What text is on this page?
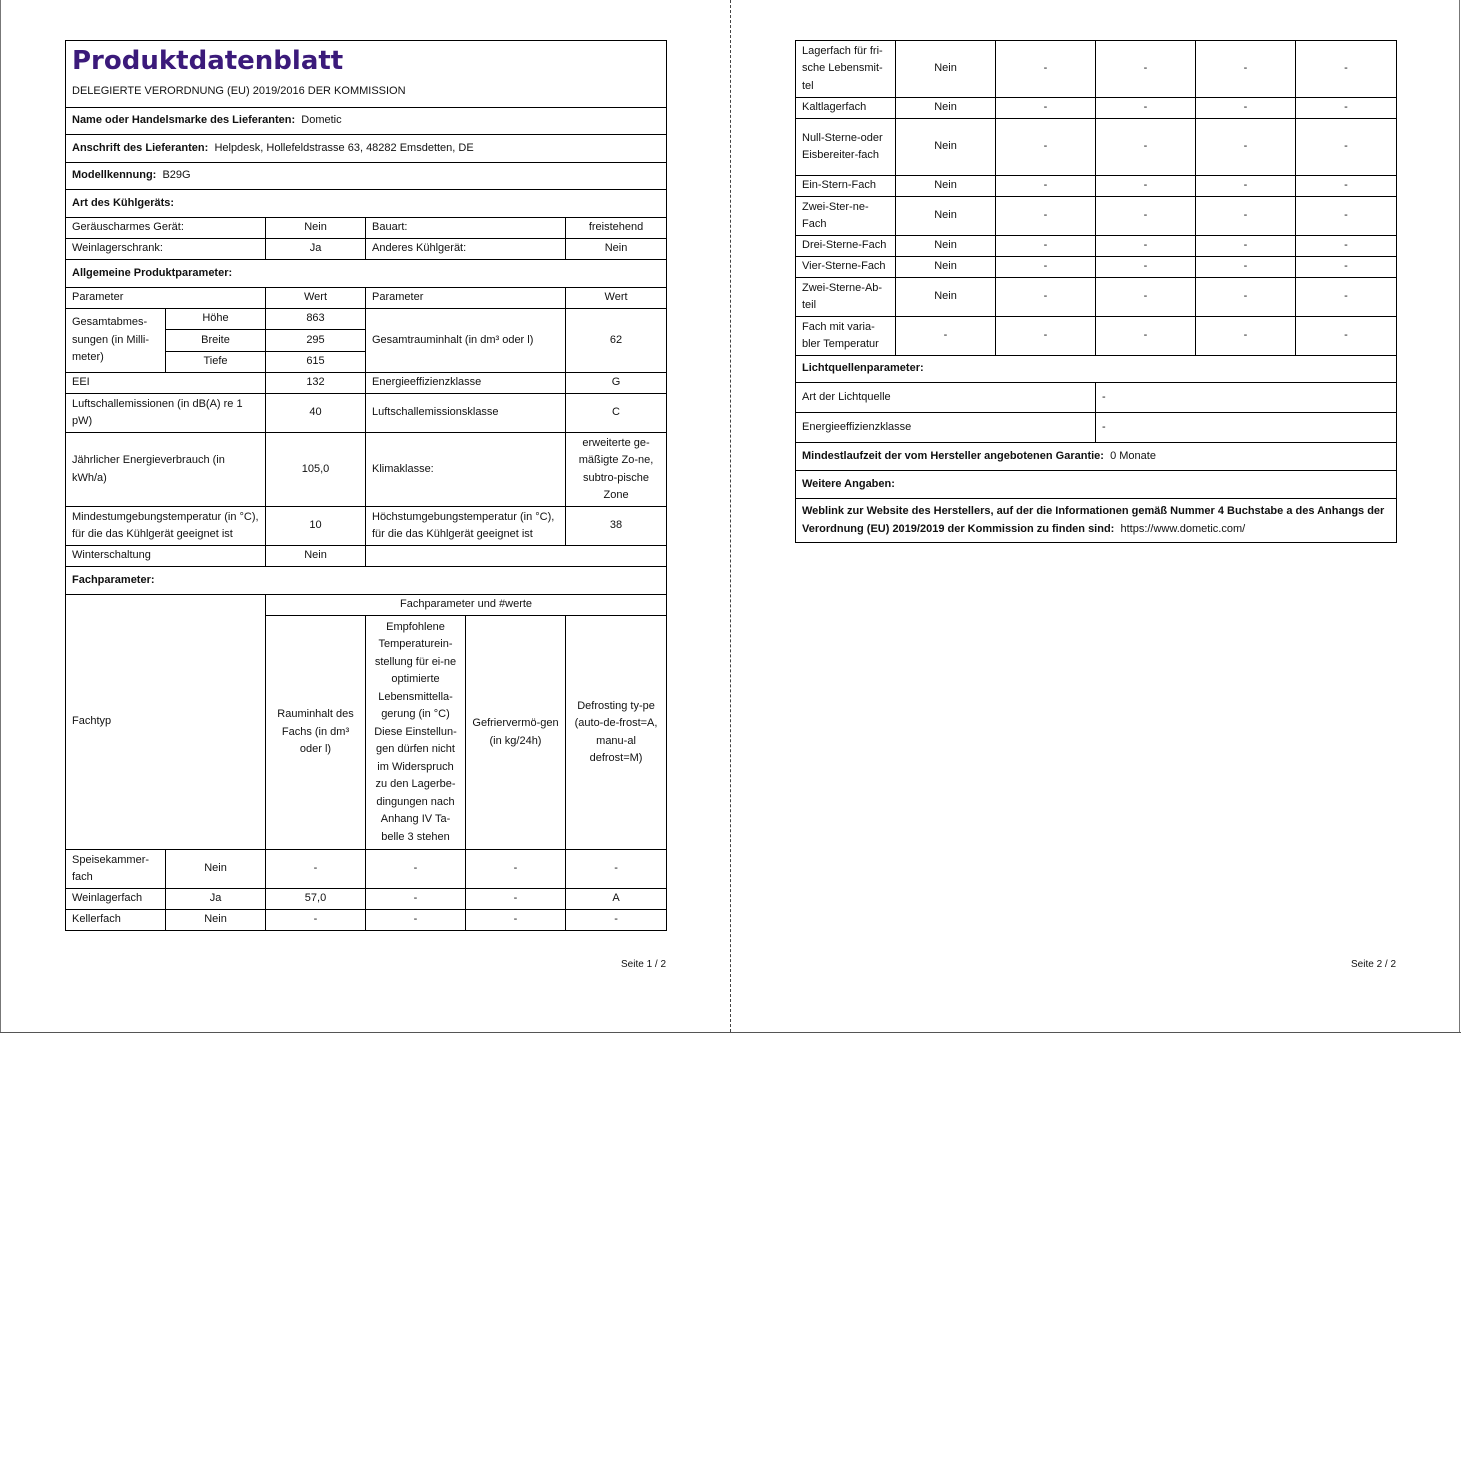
Produktdatenblatt
DELEGIERTE VERORDNUNG (EU) 2019/2016 DER KOMMISSION					

Name oder Handelsmarke des Lieferanten: Dometic					
Anschrift des Lieferanten: Helpdesk, Hollefeldstrasse 63, 48282 Emsdetten, DE					
Modellkennung: B29G					
Art des Kühlgeräts:					
Geräuscharmes Gerät:		Nein	Bauart:		freistehend
Weinlagerschrank:		Ja	Anderes Kühlgerät:		Nein
Allgemeine Produktparameter:					
Parameter		Wert	Parameter		Wert
Gesamtabmes-sungen (in Milli-meter)	Höhe	863	Gesamtrauminhalt (in dm³ oder l)		62
	Breite	295			
	Tiefe	615			
EEI		132	Energieeffizienzklasse		G
Luftschallemissionen (in dB(A) re 1 pW)		40	Luftschallemissionsklasse		C
Jährlicher Energieverbrauch (in kWh/a)		105,0	Klimaklasse:		erweiterte ge-mäßigte Zo-ne, subtro-pische Zone
Mindestumgebungstemperatur (in °C), für die das Kühlgerät geeignet ist		10	Höchstumgebungstemperatur (in °C), für die das Kühlgerät geeignet ist		38
Winterschaltung		Nein			
Fachparameter:					
Fachtyp		Fachparameter und #werte			
		Rauminhalt des Fachs (in dm³ oder l)	Empfohlene Temperaturein-stellung für ei-ne optimierte Lebensmittella-gerung (in °C) Diese Einstellun-gen dürfen nicht im Widerspruch zu den Lagerbe-dingungen nach Anhang IV Ta-belle 3 stehen	Gefriervermö-gen (in kg/24h)	Defrosting ty-pe (auto-de-frost=A, manu-al defrost=M)
Speisekammer-fach	Nein	-	-	-	-
Weinlagerfach	Ja	57,0	-	-	A
Kellerfach	Nein	-	-	-	-
Seite 1 / 2
Lagerfach für fri-sche Lebensmit-tel	Nein	-	-	-	-
Kaltlagerfach	Nein	-	-	-	-
Null-Sterne-oder Eisbereiter-fach	Nein	-	-	-	-
Ein-Stern-Fach	Nein	-	-	-	-
Zwei-Ster-ne-Fach	Nein	-	-	-	-
Drei-Sterne-Fach	Nein	-	-	-	-
Vier-Sterne-Fach	Nein	-	-	-	-
Zwei-Sterne-Ab-teil	Nein	-	-	-	-
Fach mit varia-bler Temperatur	-	-	-	-	-
Lichtquellenparameter:					
Art der Lichtquelle			-		
Energieeffizienzklasse			-		
Mindestlaufzeit der vom Hersteller angebotenen Garantie: 0 Monate					
Weitere Angaben:					
Weblink zur Website des Herstellers, auf der die Informationen gemäß Nummer 4 Buchstabe a des Anhangs der Verordnung (EU) 2019/2019 der Kommission zu finden sind: https://www.dometic.com/					
Seite 2 / 2
